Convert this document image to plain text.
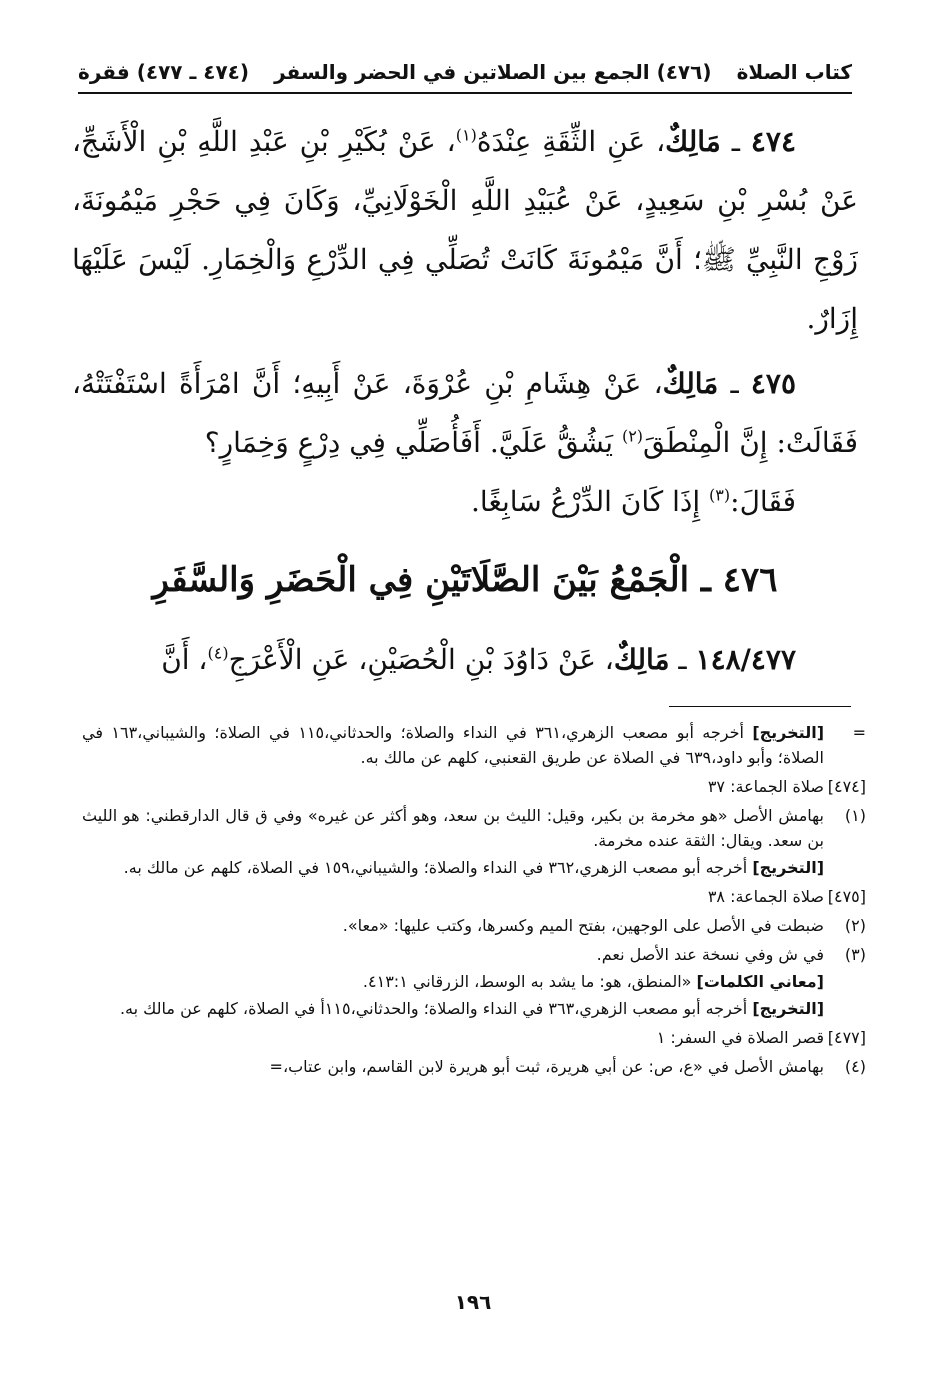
كتاب الصلاة
(٤٧٦) الجمع بين الصلاتين في الحضر والسفر
(٤٧٤ ـ ٤٧٧) فقرة

٤٧٤ ـ مَالِكٌ، عَنِ الثِّقَةِ عِنْدَهُ$^{(١)}$، عَنْ بُكَيْرِ بْنِ عَبْدِ اللَّهِ بْنِ الْأَشَجِّ، عَنْ بُسْرِ بْنِ سَعِيدٍ، عَنْ عُبَيْدِ اللَّهِ الْخَوْلَانِيِّ، وَكَانَ فِي حَجْرِ مَيْمُونَةَ، زَوْجِ النَّبِيِّ ﷺ؛ أَنَّ مَيْمُونَةَ كَانَتْ تُصَلِّي فِي الدِّرْعِ وَالْخِمَارِ. لَيْسَ عَلَيْهَا إِزَارٌ.

٤٧٥ ـ مَالِكٌ، عَنْ هِشَامِ بْنِ عُرْوَةَ، عَنْ أَبِيهِ؛ أَنَّ امْرَأَةً اسْتَفْتَتْهُ، فَقَالَتْ: إِنَّ الْمِنْطَقَ$^{(٢)}$ يَشُقُّ عَلَيَّ. أَفَأُصَلِّي فِي دِرْعٍ وَخِمَارٍ؟

فَقَالَ:$^{(٣)}$ إِذَا كَانَ الدِّرْعُ سَابِغًا.

٤٧٦ ـ الْجَمْعُ بَيْنَ الصَّلَاتَيْنِ فِي الْحَضَرِ وَالسَّفَرِ
١٤٨/٤٧٧ ـ مَالِكٌ، عَنْ دَاوُدَ بْنِ الْحُصَيْنِ، عَنِ الْأَعْرَجِ$^{(٤)}$، أَنَّ
=
[التخريج] أخرجه أبو مصعب الزهري،٣٦١ في النداء والصلاة؛ والحدثاني،١١٥ في الصلاة؛ والشيباني،١٦٣ في الصلاة؛ وأبو داود،٦٣٩ في الصلاة عن طريق القعنبي، كلهم عن مالك به.
[٤٧٤]
صلاة الجماعة: ٣٧
(١)
بهامش الأصل «هو مخرمة بن بكير، وقيل: الليث بن سعد، وهو أكثر عن غيره» وفي ق قال الدارقطني: هو الليث بن سعد. ويقال: الثقة عنده مخرمة.
[التخريج] أخرجه أبو مصعب الزهري،٣٦٢ في النداء والصلاة؛ والشيباني،١٥٩ في الصلاة، كلهم عن مالك به.
[٤٧٥]
صلاة الجماعة: ٣٨
(٢)
ضبطت في الأصل على الوجهين، بفتح الميم وكسرها، وكتب عليها: «معا».
(٣)
في ش وفي نسخة عند الأصل نعم.
[معاني الكلمات] «المنطق، هو: ما يشد به الوسط، الزرقاني ٤١٣:١.
[التخريج] أخرجه أبو مصعب الزهري،٣٦٣ في النداء والصلاة؛ والحدثاني،١١٥أ في الصلاة، كلهم عن مالك به.
[٤٧٧]
قصر الصلاة في السفر: ١
(٤)
بهامش الأصل في «ع، ص: عن أبي هريرة، ثبت أبو هريرة لابن القاسم، وابن عتاب،=
١٩٦
